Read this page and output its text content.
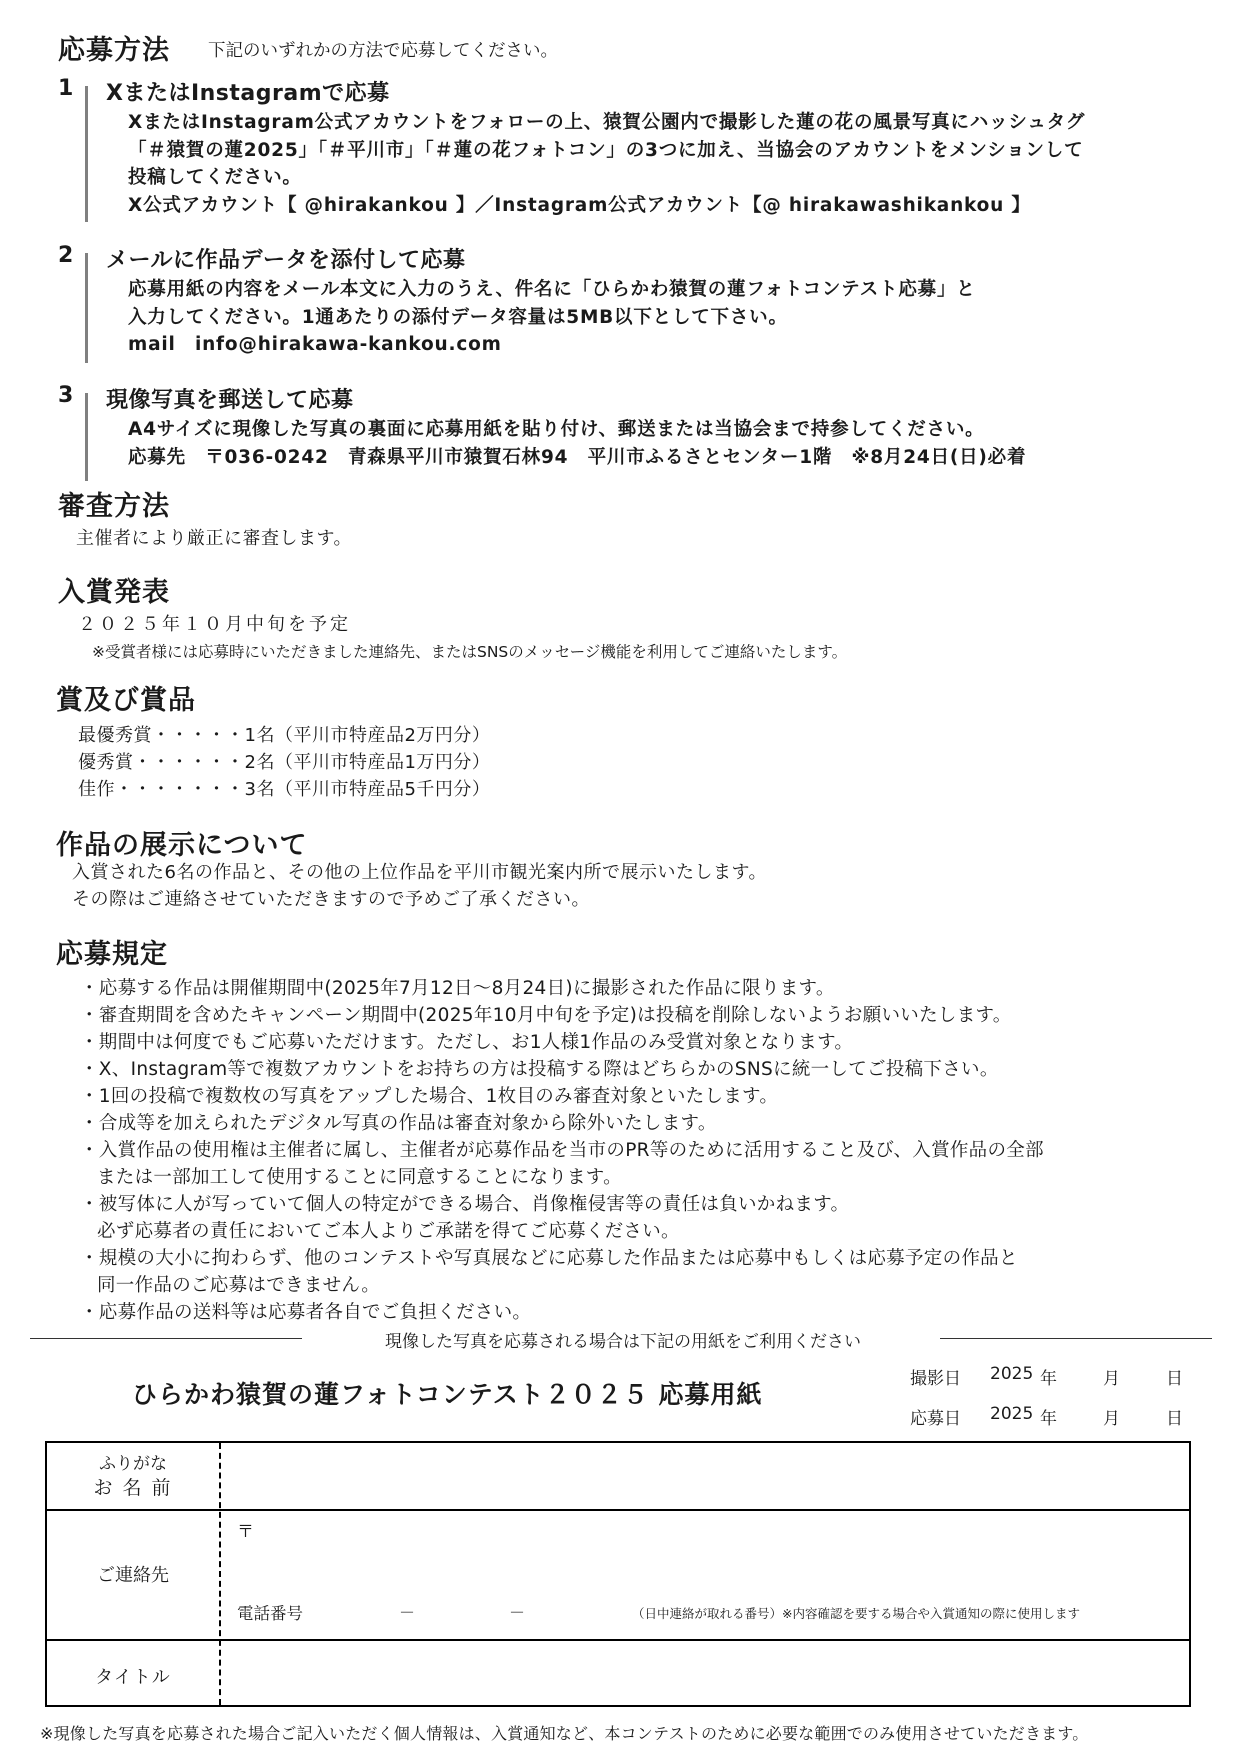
応募方法 下記のいずれかの方法で応募してください。
1 XまたはInstagramで応募
XまたはInstagram公式アカウントをフォローの上、猿賀公園内で撮影した蓮の花の風景写真にハッシュタグ
「＃猿賀の蓮2025」「＃平川市」「＃蓮の花フォトコン」の3つに加え、当協会のアカウントをメンションして
投稿してください。
X公式アカウント【 @hirakankou 】／Instagram公式アカウント【@ hirakawashikankou 】
2 メールに作品データを添付して応募
応募用紙の内容をメール本文に入力のうえ、件名に「ひらかわ猿賀の蓮フォトコンテスト応募」と
入力してください。1通あたりの添付データ容量は5MB以下として下さい。
mail　info@hirakawa-kankou.com
3 現像写真を郵送して応募
A4サイズに現像した写真の裏面に応募用紙を貼り付け、郵送または当協会まで持参してください。
応募先　〒036-0242　青森県平川市猿賀石林94　平川市ふるさとセンター1階　※8月24日(日)必着
審査方法
主催者により厳正に審査します。
入賞発表
２０２５年１０月中旬を予定
※受賞者様には応募時にいただきました連絡先、またはSNSのメッセージ機能を利用してご連絡いたします。
賞及び賞品
最優秀賞・・・・・1名（平川市特産品2万円分）
優秀賞・・・・・・2名（平川市特産品1万円分）
佳作・・・・・・・3名（平川市特産品5千円分）
作品の展示について
入賞された6名の作品と、その他の上位作品を平川市観光案内所で展示いたします。
その際はご連絡させていただきますので予めご了承ください。
応募規定
・応募する作品は開催期間中(2025年7月12日〜8月24日)に撮影された作品に限ります。
・審査期間を含めたキャンペーン期間中(2025年10月中旬を予定)は投稿を削除しないようお願いいたします。
・期間中は何度でもご応募いただけます。ただし、お1人様1作品のみ受賞対象となります。
・X、Instagram等で複数アカウントをお持ちの方は投稿する際はどちらかのSNSに統一してご投稿下さい。
・1回の投稿で複数枚の写真をアップした場合、1枚目のみ審査対象といたします。
・合成等を加えられたデジタル写真の作品は審査対象から除外いたします。
・入賞作品の使用権は主催者に属し、主催者が応募作品を当市のPR等のために活用すること及び、入賞作品の全部
または一部加工して使用することに同意することになります。
・被写体に人が写っていて個人の特定ができる場合、肖像権侵害等の責任は負いかねます。
必ず応募者の責任においてご本人よりご承諾を得てご応募ください。
・規模の大小に拘わらず、他のコンテストや写真展などに応募した作品または応募中もしくは応募予定の作品と
同一作品のご応募はできません。
・応募作品の送料等は応募者各自でご負担ください。
現像した写真を応募される場合は下記の用紙をご利用ください
ひらかわ猿賀の蓮フォトコンテスト２０２５ 応募用紙
撮影日 2025 年	月	日
応募日 2025 年	月	日
ふりがな
お 名 前
ご連絡先
〒
電話番号	－	－	（日中連絡が取れる番号）※内容確認を要する場合や入賞通知の際に使用します
タイトル
※現像した写真を応募された場合ご記入いただく個人情報は、入賞通知など、本コンテストのために必要な範囲でのみ使用させていただきます。
